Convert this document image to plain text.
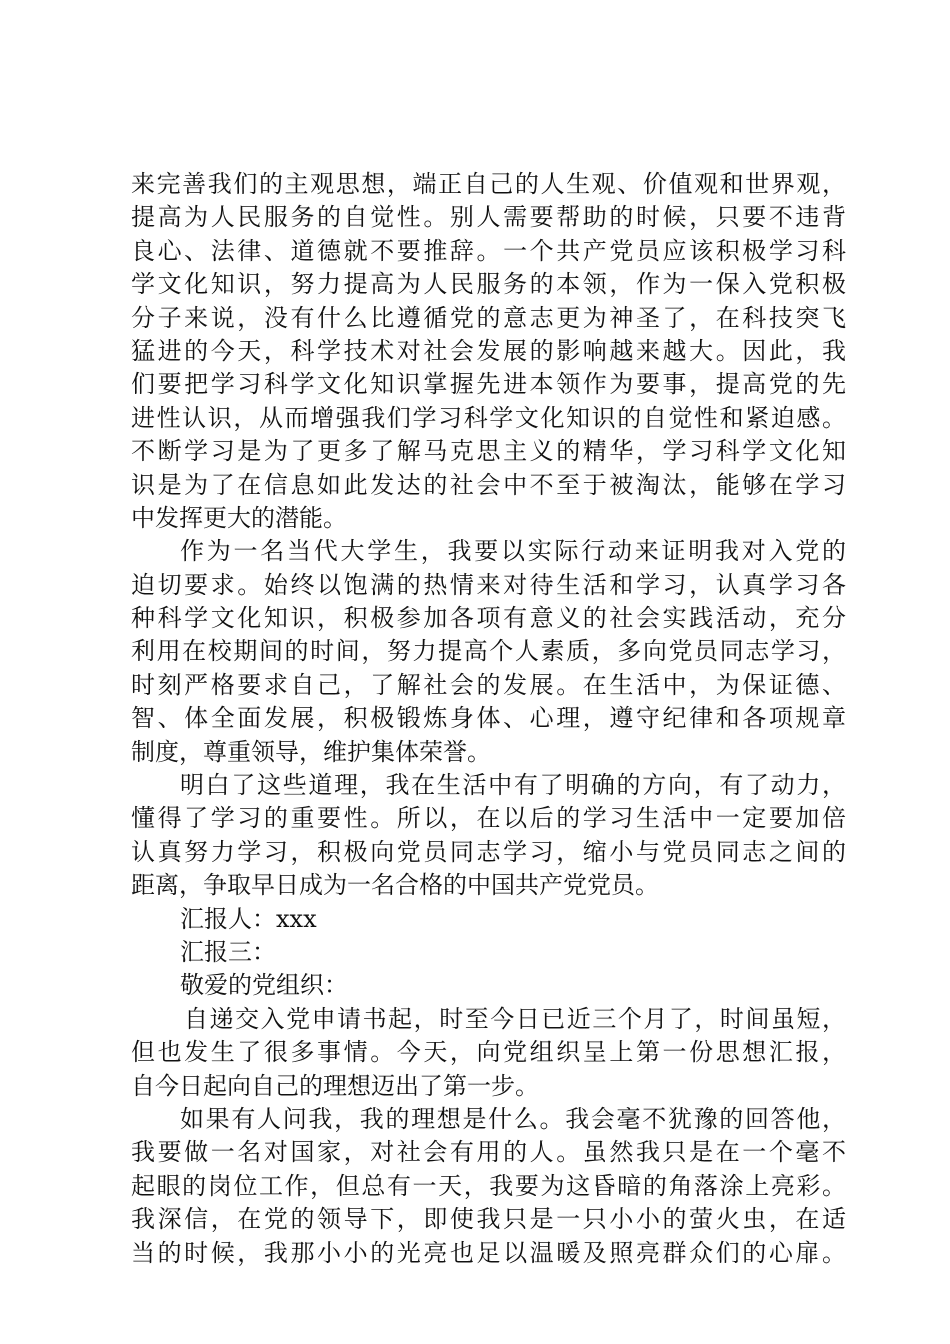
来完善我们的主观思想，端正自己的人生观、价值观和世界观，
提高为人民服务的自觉性。别人需要帮助的时候，只要不违背
良心、法律、道德就不要推辞。一个共产党员应该积极学习科
学文化知识，努力提高为人民服务的本领，作为一保入党积极
分子来说，没有什么比遵循党的意志更为神圣了，在科技突飞
猛进的今天，科学技术对社会发展的影响越来越大。因此，我
们要把学习科学文化知识掌握先进本领作为要事，提高党的先
进性认识，从而增强我们学习科学文化知识的自觉性和紧迫感。
不断学习是为了更多了解马克思主义的精华，学习科学文化知
识是为了在信息如此发达的社会中不至于被淘汰，能够在学习
中发挥更大的潜能。
作为一名当代大学生，我要以实际行动来证明我对入党的
迫切要求。始终以饱满的热情来对待生活和学习，认真学习各
种科学文化知识，积极参加各项有意义的社会实践活动，充分
利用在校期间的时间，努力提高个人素质，多向党员同志学习，
时刻严格要求自己，了解社会的发展。在生活中，为保证德、
智、体全面发展，积极锻炼身体、心理，遵守纪律和各项规章
制度，尊重领导，维护集体荣誉。
明白了这些道理，我在生活中有了明确的方向，有了动力，
懂得了学习的重要性。所以，在以后的学习生活中一定要加倍
认真努力学习，积极向党员同志学习，缩小与党员同志之间的
距离，争取早日成为一名合格的中国共产党党员。
汇报人：xxx
汇报三：
敬爱的党组织：
自递交入党申请书起，时至今日已近三个月了，时间虽短，
但也发生了很多事情。今天，向党组织呈上第一份思想汇报，
自今日起向自己的理想迈出了第一步。
如果有人问我，我的理想是什么。我会毫不犹豫的回答他，
我要做一名对国家，对社会有用的人。虽然我只是在一个毫不
起眼的岗位工作，但总有一天，我要为这昏暗的角落涂上亮彩。
我深信，在党的领导下，即使我只是一只小小的萤火虫，在适
当的时候，我那小小的光亮也足以温暖及照亮群众们的心扉。
